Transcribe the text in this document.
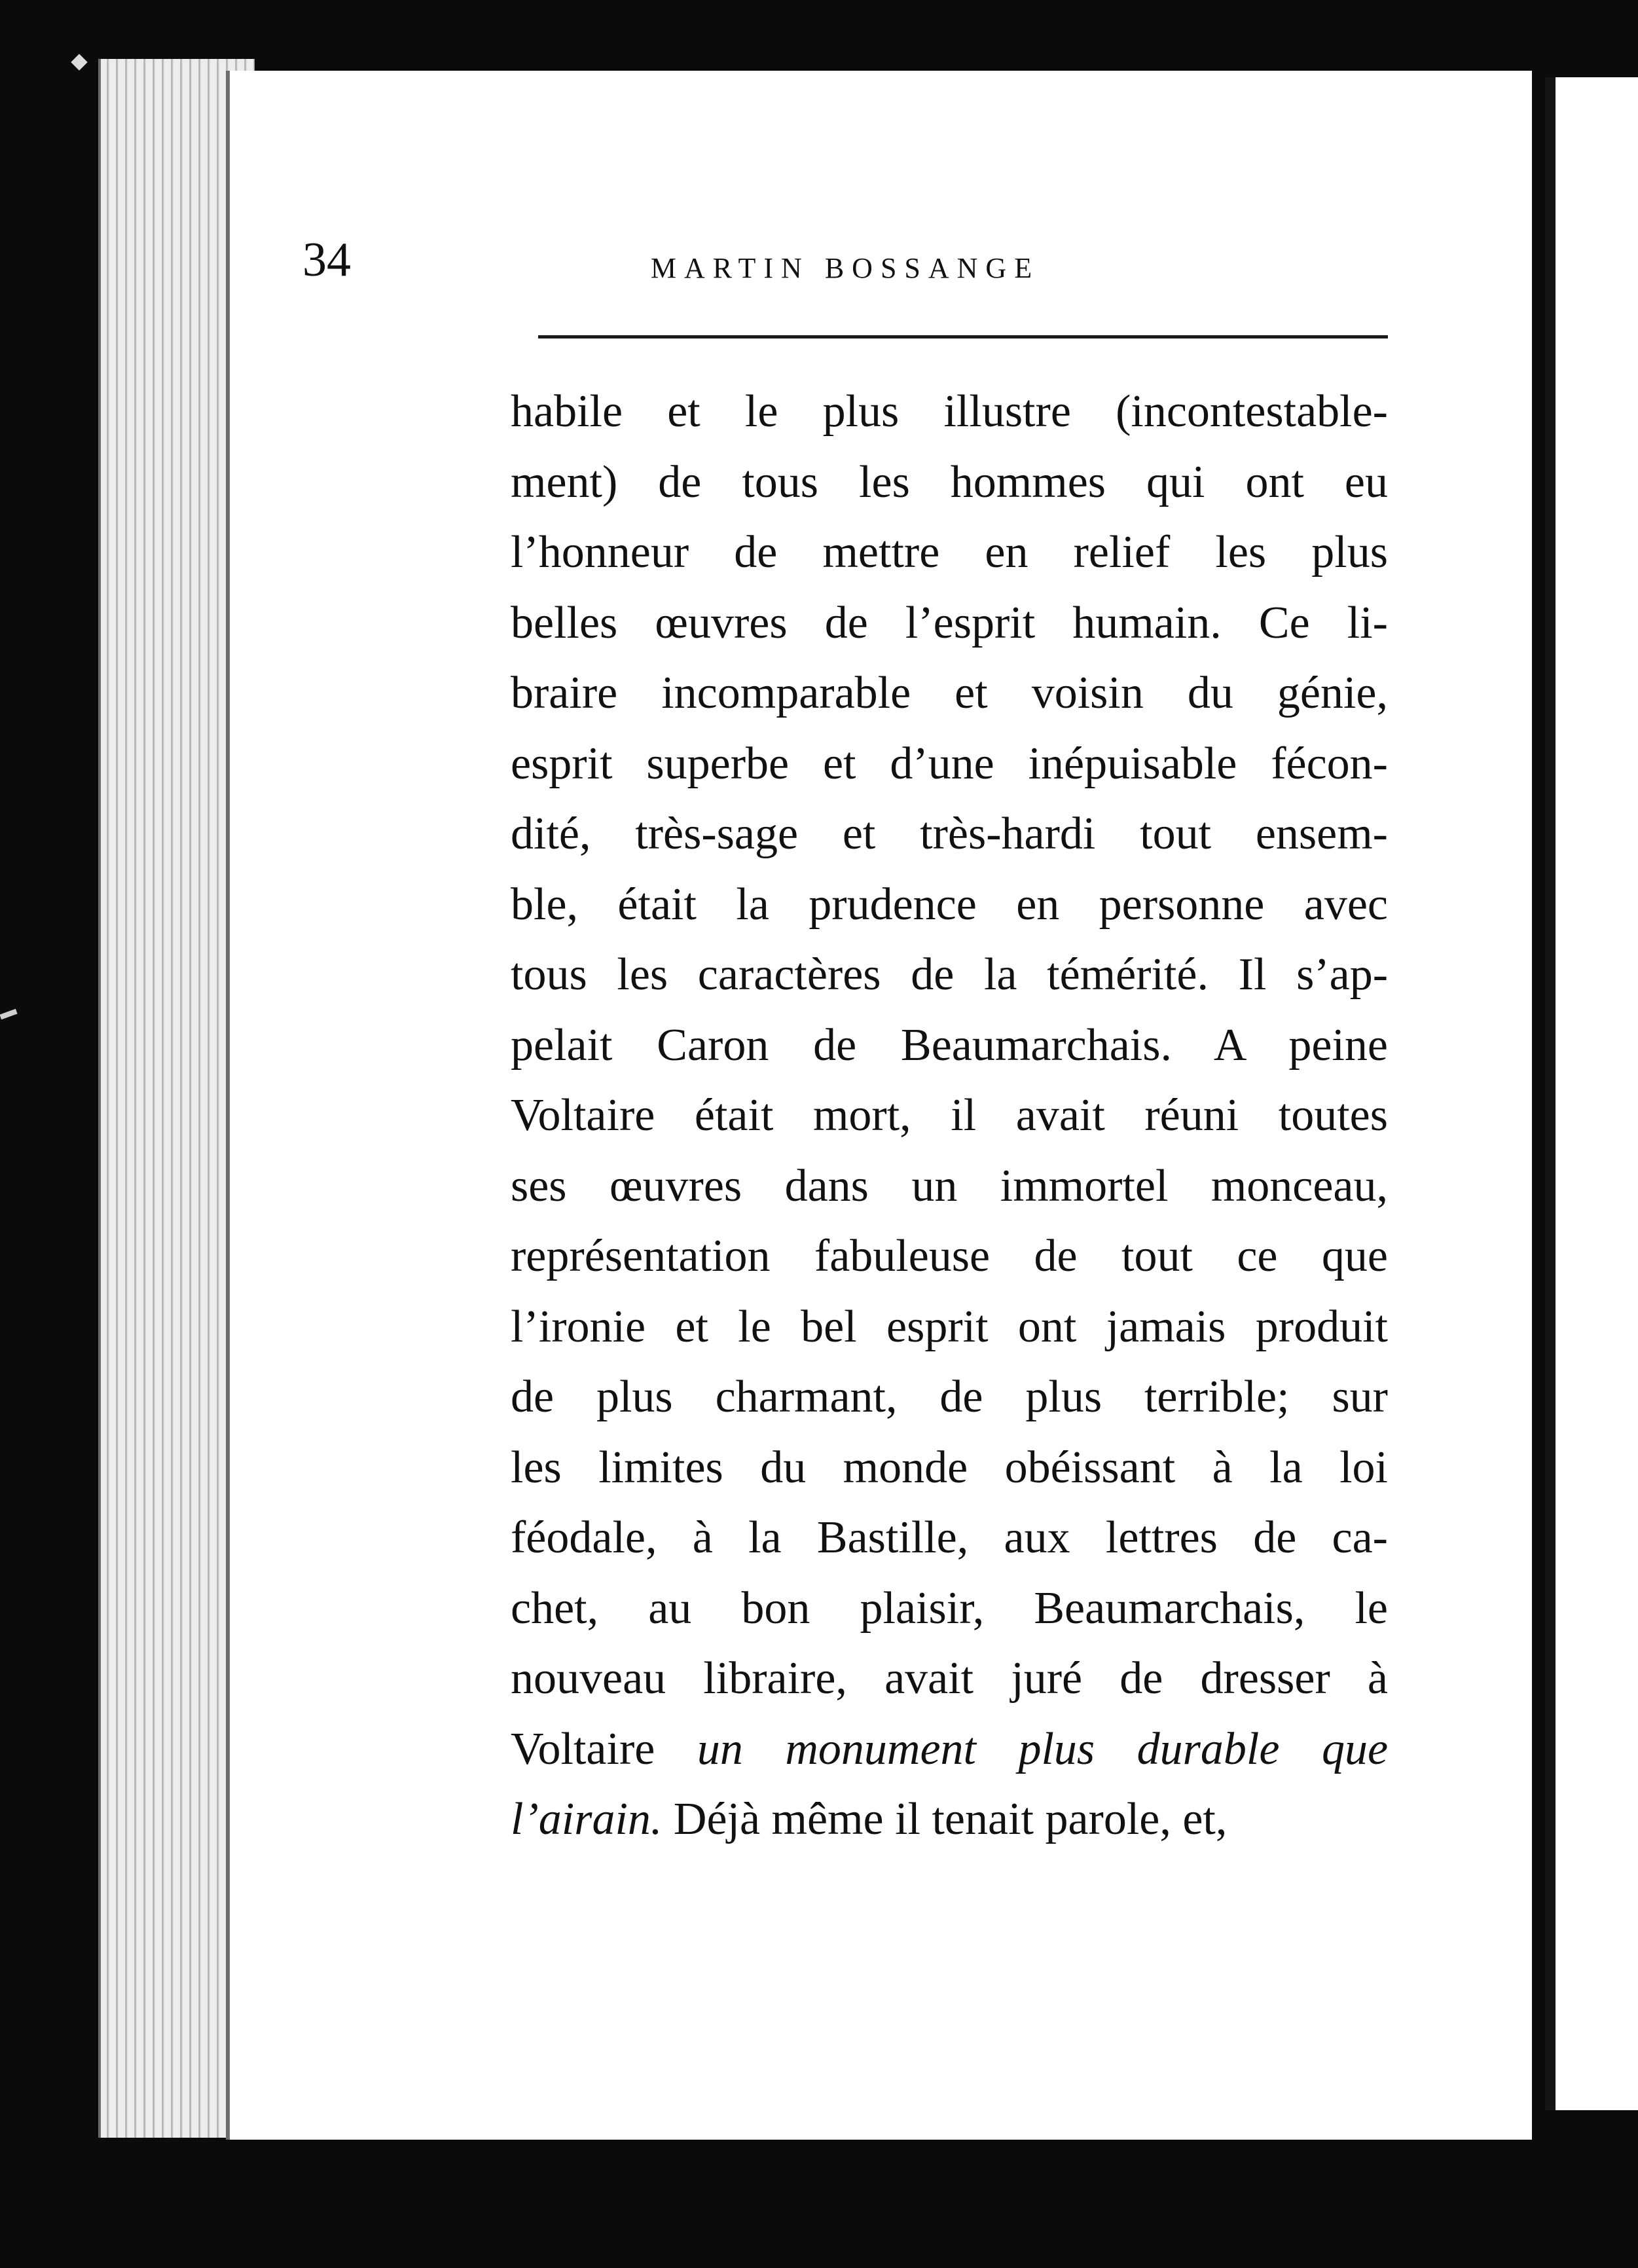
34	MARTIN BOSSANGE
habile et le plus illustre (incontestable-
ment) de tous les hommes qui ont eu
l’honneur de mettre en relief les plus
belles œuvres de l’esprit humain. Ce li-
braire incomparable et voisin du génie,
esprit superbe et d’une inépuisable fécon-
dité, très-sage et très-hardi tout ensem-
ble, était la prudence en personne avec
tous les caractères de la témérité. Il s’ap-
pelait Caron de Beaumarchais. A peine
Voltaire était mort, il avait réuni toutes
ses œuvres dans un immortel monceau,
représentation fabuleuse de tout ce que
l’ironie et le bel esprit ont jamais produit
de plus charmant, de plus terrible; sur
les limites du monde obéissant à la loi
féodale, à la Bastille, aux lettres de ca-
chet, au bon plaisir, Beaumarchais, le
nouveau libraire, avait juré de dresser à
Voltaire un monument plus durable que
l’airain. Déjà même il tenait parole, et,
